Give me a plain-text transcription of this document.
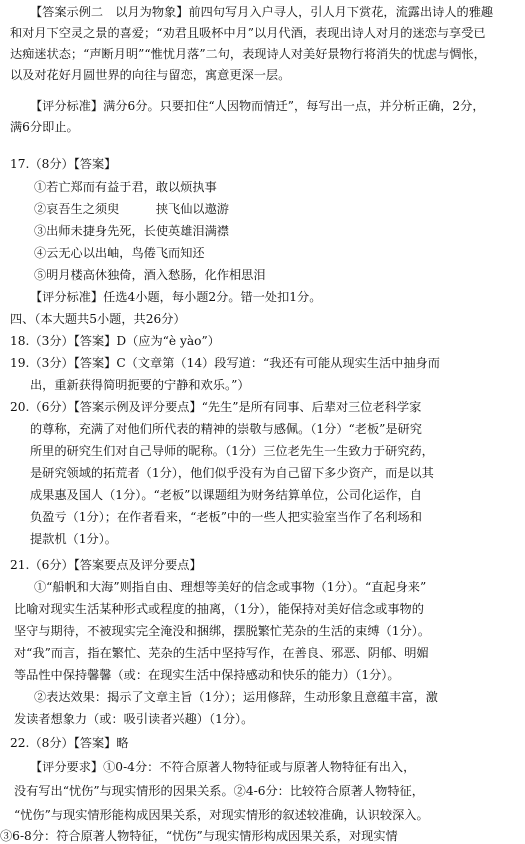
【答案示例二　以月为物象】前四句写月入户寻人，引人月下赏花，流露出诗人的雅趣
和对月下空灵之景的喜爱；“劝君且吸杯中月”以月代酒，表现出诗人对月的迷恋与享受已
达痴迷状态；“声断月明”“惟忧月落”二句，表现诗人对美好景物行将消失的忧虑与惆怅，
以及对花好月圆世界的向往与留恋，寓意更深一层。
【评分标准】满分6分。只要扣住“人因物而情迁”，每写出一点，并分析正确，2分，
满6分即止。
17.（8分）【答案】
①若亡郑而有益于君，敢以烦执事
②哀吾生之须臾　　　挟飞仙以遨游
③出师未捷身先死，长使英雄泪满襟
④云无心以出岫，鸟倦飞而知还
⑤明月楼高休独倚，酒入愁肠，化作相思泪
【评分标准】任选4小题，每小题2分。错一处扣1分。
四、（本大题共5小题，共26分）
18.（3分）【答案】D（应为“è yào”）
19.（3分）【答案】C（文章第（14）段写道：“我还有可能从现实生活中抽身而
出，重新获得简明扼要的宁静和欢乐。”）
20.（6分）【答案示例及评分要点】“先生”是所有同事、后辈对三位老科学家
的尊称，充满了对他们所代表的精神的崇敬与感佩。（1分）“老板”是研究
所里的研究生们对自己导师的昵称。（1分）三位老先生一生致力于研究药，
是研究领域的拓荒者（1分），他们似乎没有为自己留下多少资产，而是以其
成果惠及国人（1分）。“老板”以课题组为财务结算单位，公司化运作，自
负盈亏（1分）；在作者看来，“老板”中的一些人把实验室当作了名利场和
提款机（1分）。
21.（6分）【答案要点及评分要点】
①“船帆和大海”则指自由、理想等美好的信念或事物（1分）。“直起身来”
比喻对现实生活某种形式或程度的抽离，（1分），能保持对美好信念或事物的
坚守与期待，不被现实完全淹没和捆绑，摆脱繁忙芜杂的生活的束缚（1分）。
对“我”而言，指在繁忙、芜杂的生活中坚持写作，在善良、邪恶、阴郁、明媚
等品性中保持馨馨（或：在现实生活中保持感动和快乐的能力）（1分）。
②表达效果：揭示了文章主旨（1分）；运用修辞，生动形象且意蕴丰富，激
发读者想象力（或：吸引读者兴趣）（1分）。
22.（8分）【答案】略
【评分要求】①0-4分：不符合原著人物特征或与原著人物特征有出入，
没有写出“忧伤”与现实情形的因果关系。②4-6分：比较符合原著人物特征，
“忧伤”与现实情形能构成因果关系，对现实情形的叙述较准确，认识较深入。
③6-8分：符合原著人物特征，“忧伤”与现实情形构成因果关系，对现实情
